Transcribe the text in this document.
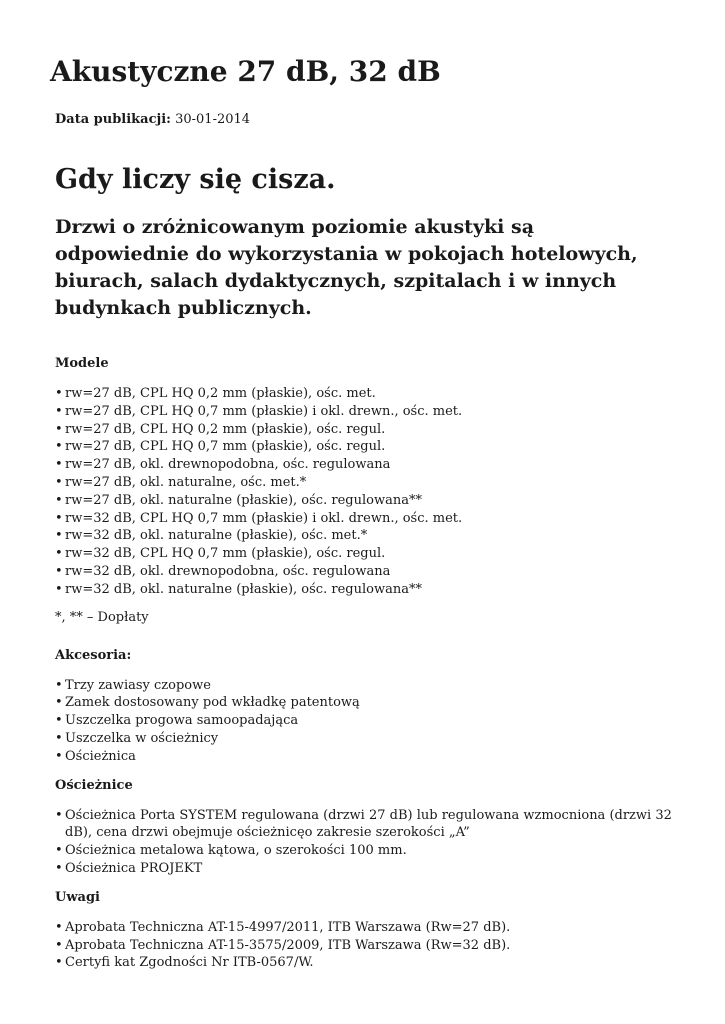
Akustyczne 27 dB, 32 dB
Data publikacji: 30-01-2014
Gdy liczy się cisza.

Drzwi o zróżnicowanym poziomie akustyki są odpowiednie do wykorzystania w pokojach hotelowych, biurach, salach dydaktycznych, szpitalach i w innych budynkach publicznych.

Modele
• rw=27 dB, CPL HQ 0,2 mm (płaskie), ośc. met.
• rw=27 dB, CPL HQ 0,7 mm (płaskie) i okl. drewn., ośc. met.
• rw=27 dB, CPL HQ 0,2 mm (płaskie), ośc. regul.
• rw=27 dB, CPL HQ 0,7 mm (płaskie), ośc. regul.
• rw=27 dB, okl. drewnopodobna, ośc. regulowana
• rw=27 dB, okl. naturalne, ośc. met.*
• rw=27 dB, okl. naturalne (płaskie), ośc. regulowana**
• rw=32 dB, CPL HQ 0,7 mm (płaskie) i okl. drewn., ośc. met.
• rw=32 dB, okl. naturalne (płaskie), ośc. met.*
• rw=32 dB, CPL HQ 0,7 mm (płaskie), ośc. regul.
• rw=32 dB, okl. drewnopodobna, ośc. regulowana
• rw=32 dB, okl. naturalne (płaskie), ośc. regulowana**
*, ** – Dopłaty
Akcesoria:
• Trzy zawiasy czopowe
• Zamek dostosowany pod wkładkę patentową
• Uszczelka progowa samoopadająca
• Uszczelka w ościeżnicy
• Ościeżnica
Ościeżnice
• Ościeżnica Porta SYSTEM regulowana (drzwi 27 dB) lub regulowana wzmocniona (drzwi 32 dB), cena drzwi obejmuje ościeżnicęo zakresie szerokości „A”
• Ościeżnica metalowa kątowa, o szerokości 100 mm.
• Ościeżnica PROJEKT
Uwagi
• Aprobata Techniczna AT-15-4997/2011, ITB Warszawa (Rw=27 dB).
• Aprobata Techniczna AT-15-3575/2009, ITB Warszawa (Rw=32 dB).
• Certyfi kat Zgodności Nr ITB-0567/W.
